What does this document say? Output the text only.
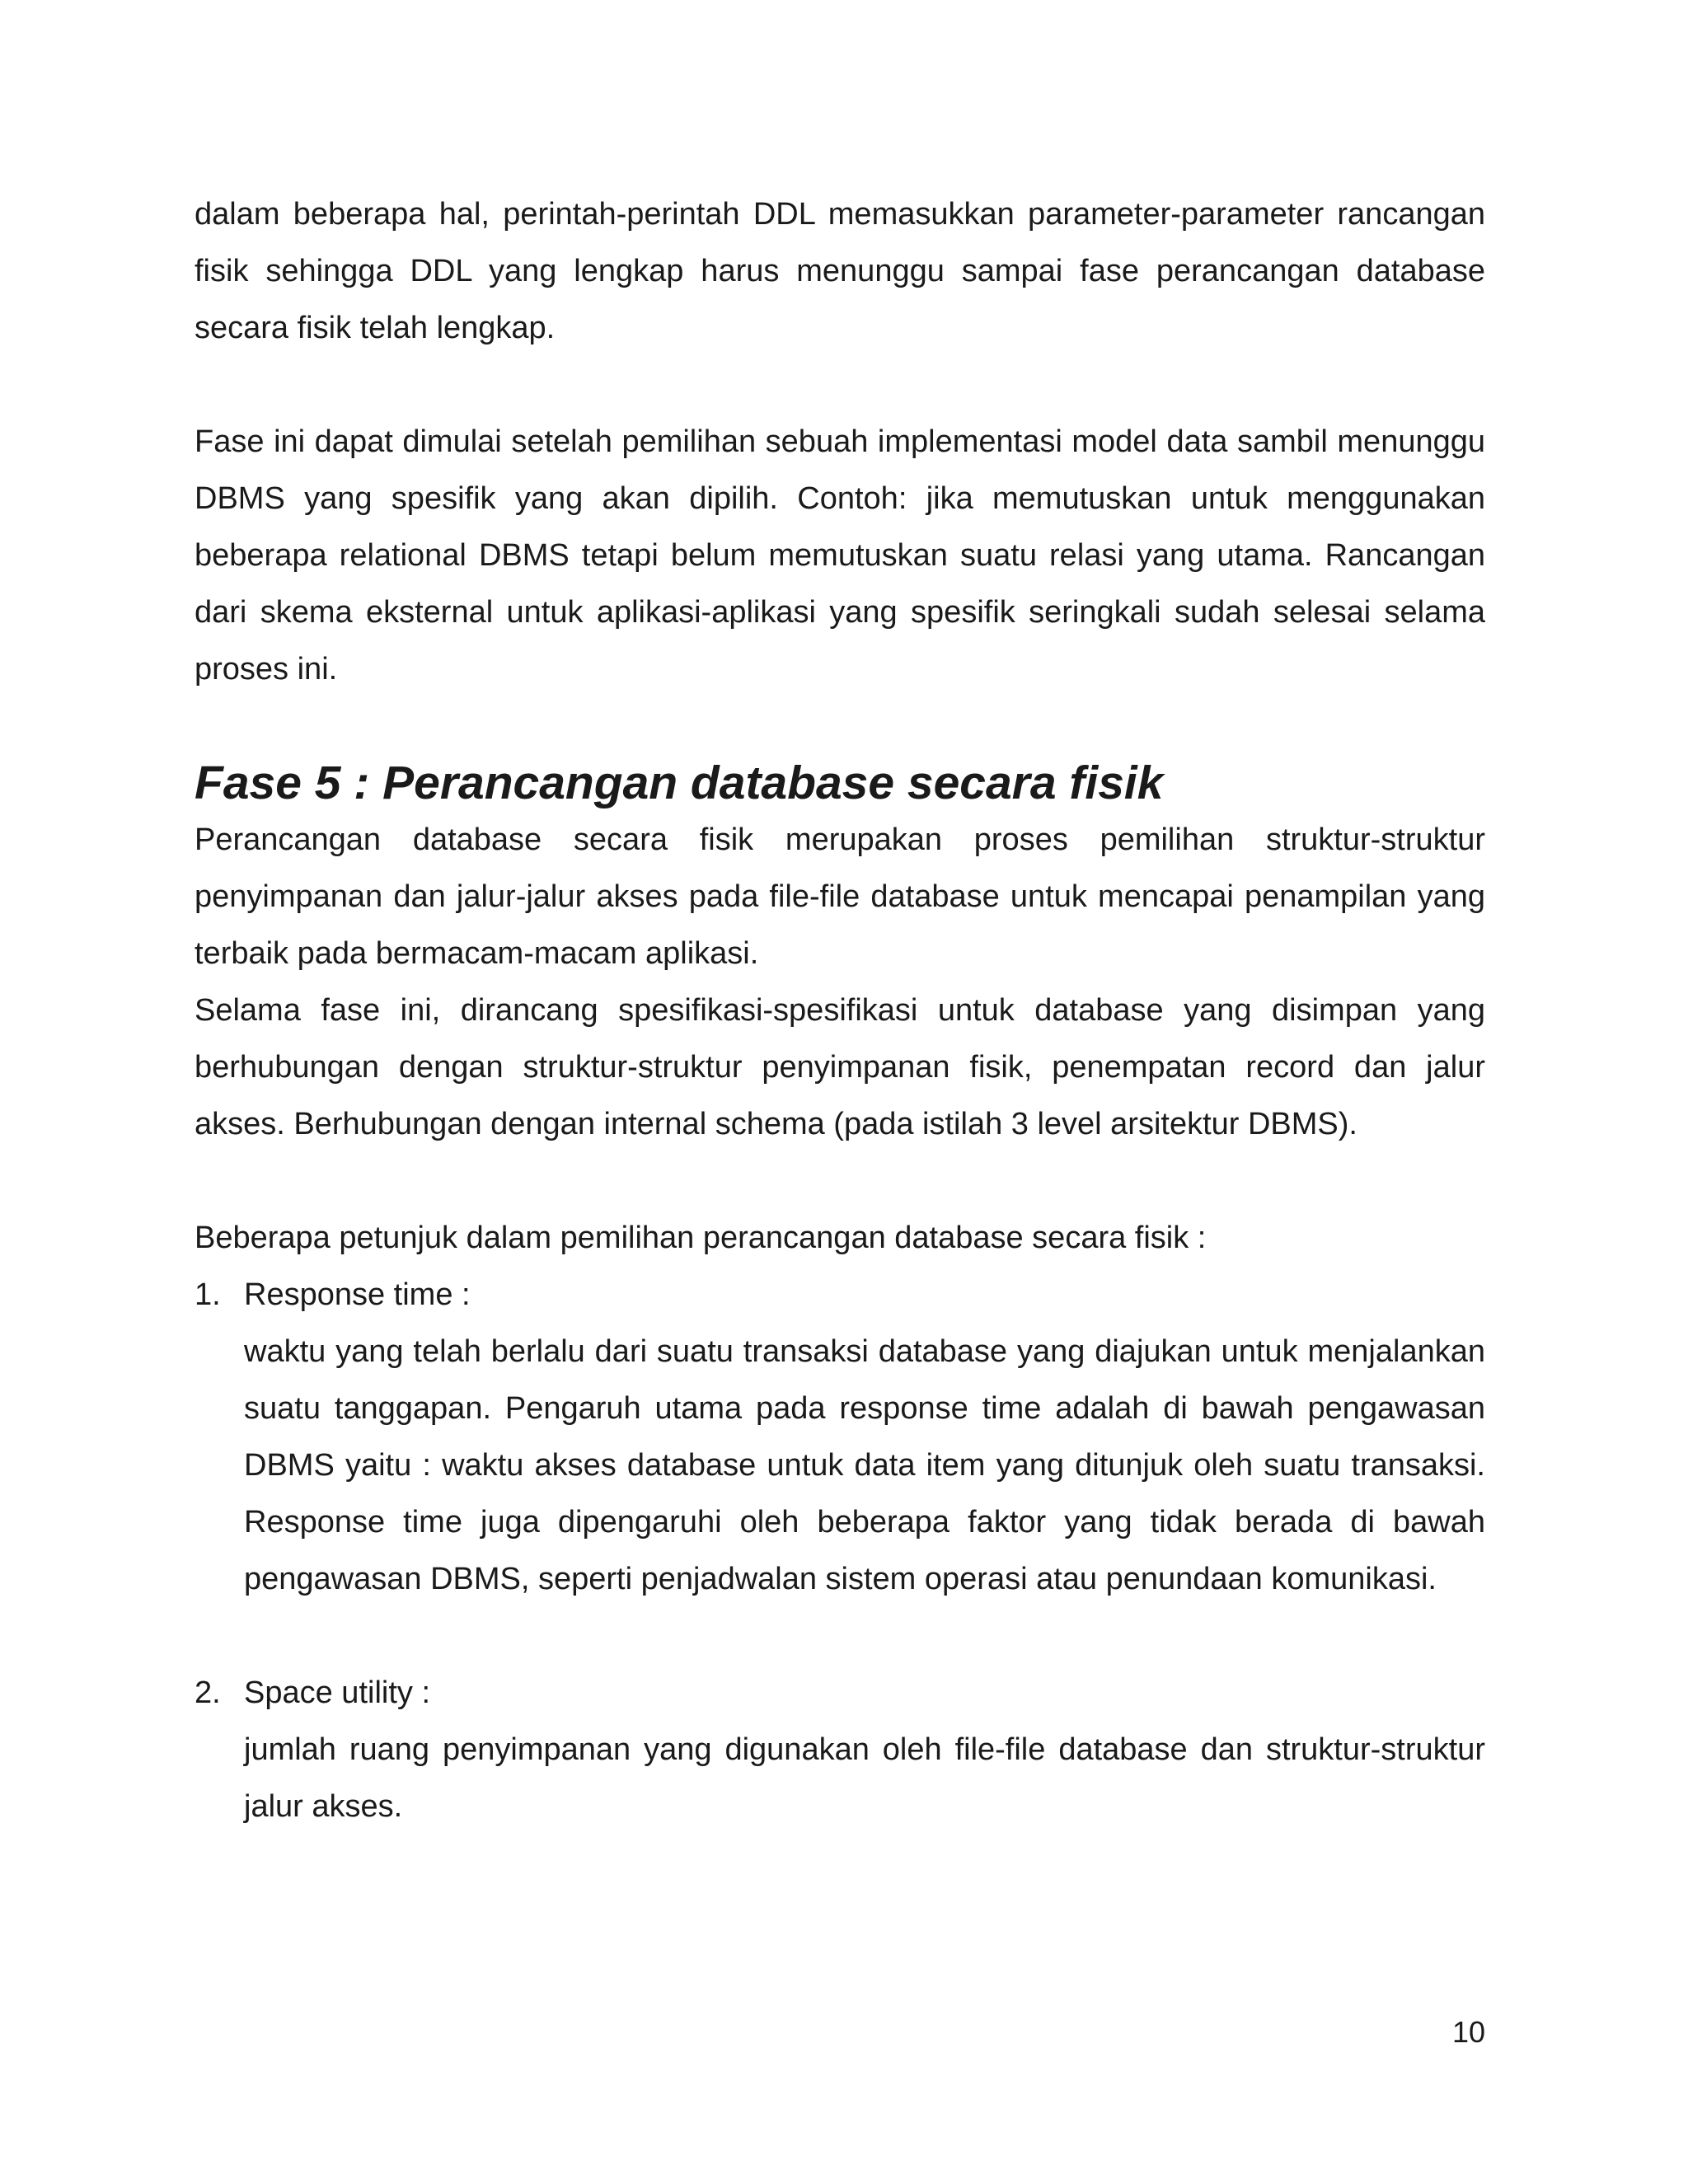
dalam beberapa hal, perintah-perintah DDL memasukkan parameter-parameter rancangan fisik sehingga DDL yang lengkap harus menunggu sampai fase perancangan database secara fisik telah lengkap.

Fase ini dapat dimulai setelah pemilihan sebuah implementasi model data sambil menunggu DBMS yang spesifik yang akan dipilih. Contoh: jika memutuskan untuk menggunakan beberapa relational DBMS tetapi belum memutuskan suatu relasi yang utama. Rancangan dari skema eksternal untuk aplikasi-aplikasi yang spesifik seringkali sudah selesai selama proses ini.

Fase 5 : Perancangan database secara fisik

Perancangan database secara fisik merupakan proses pemilihan struktur-struktur penyimpanan dan jalur-jalur akses pada file-file database untuk mencapai penampilan yang terbaik pada bermacam-macam aplikasi.

Selama fase ini, dirancang spesifikasi-spesifikasi untuk database yang disimpan yang berhubungan dengan struktur-struktur penyimpanan fisik, penempatan record dan jalur akses. Berhubungan dengan internal schema (pada istilah 3 level arsitektur DBMS).

Beberapa petunjuk dalam pemilihan perancangan database secara fisik :

1. Response time :
waktu yang telah berlalu dari suatu transaksi database yang diajukan untuk menjalankan suatu tanggapan. Pengaruh utama pada response time adalah di bawah pengawasan DBMS yaitu : waktu akses database untuk data item yang ditunjuk oleh suatu transaksi. Response time juga dipengaruhi oleh beberapa faktor yang tidak berada di bawah pengawasan DBMS, seperti penjadwalan sistem operasi atau penundaan komunikasi.
2. Space utility :
jumlah ruang penyimpanan yang digunakan oleh file-file database dan struktur-struktur jalur akses.
10
